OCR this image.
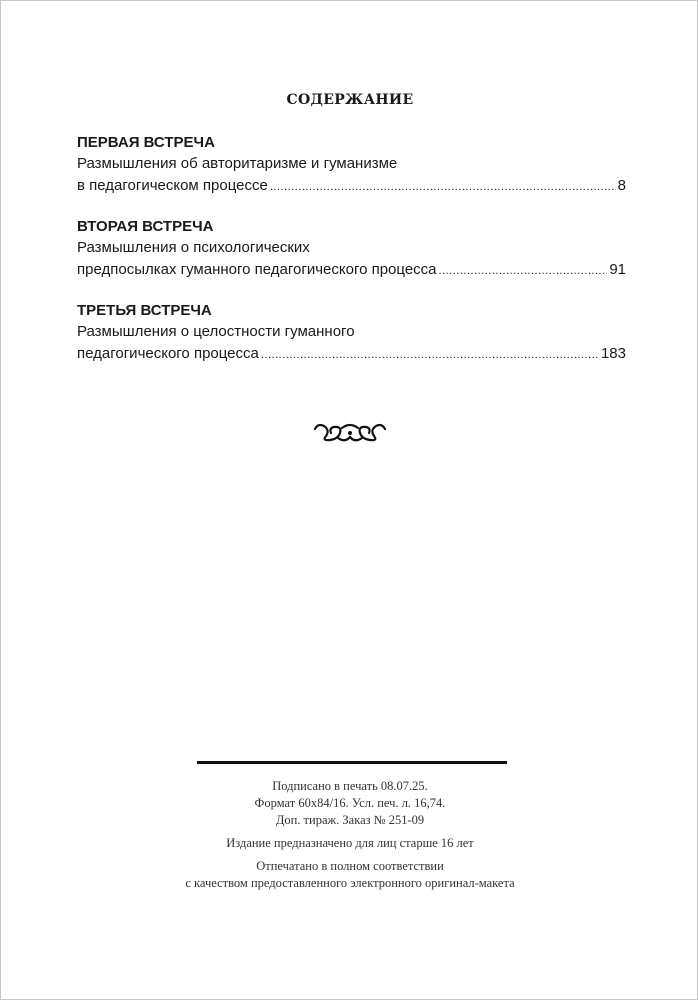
СОДЕРЖАНИЕ
ПЕРВАЯ ВСТРЕЧА
Размышления об авторитаризме и гуманизме
в педагогическом процессе .....	8
ВТОРАЯ ВСТРЕЧА
Размышления о психологических
предпосылках гуманного педагогического процесса .....	91
ТРЕТЬЯ ВСТРЕЧА
Размышления о целостности гуманного
педагогического процесса .....	183
Подписано в печать 08.07.25.
Формат 60x84/16. Усл. печ. л. 16,74.
Доп. тираж. Заказ № 251-09
Издание предназначено для лиц старше 16 лет
Отпечатано в полном соответствии
с качеством предоставленного электронного оригинал-макета
